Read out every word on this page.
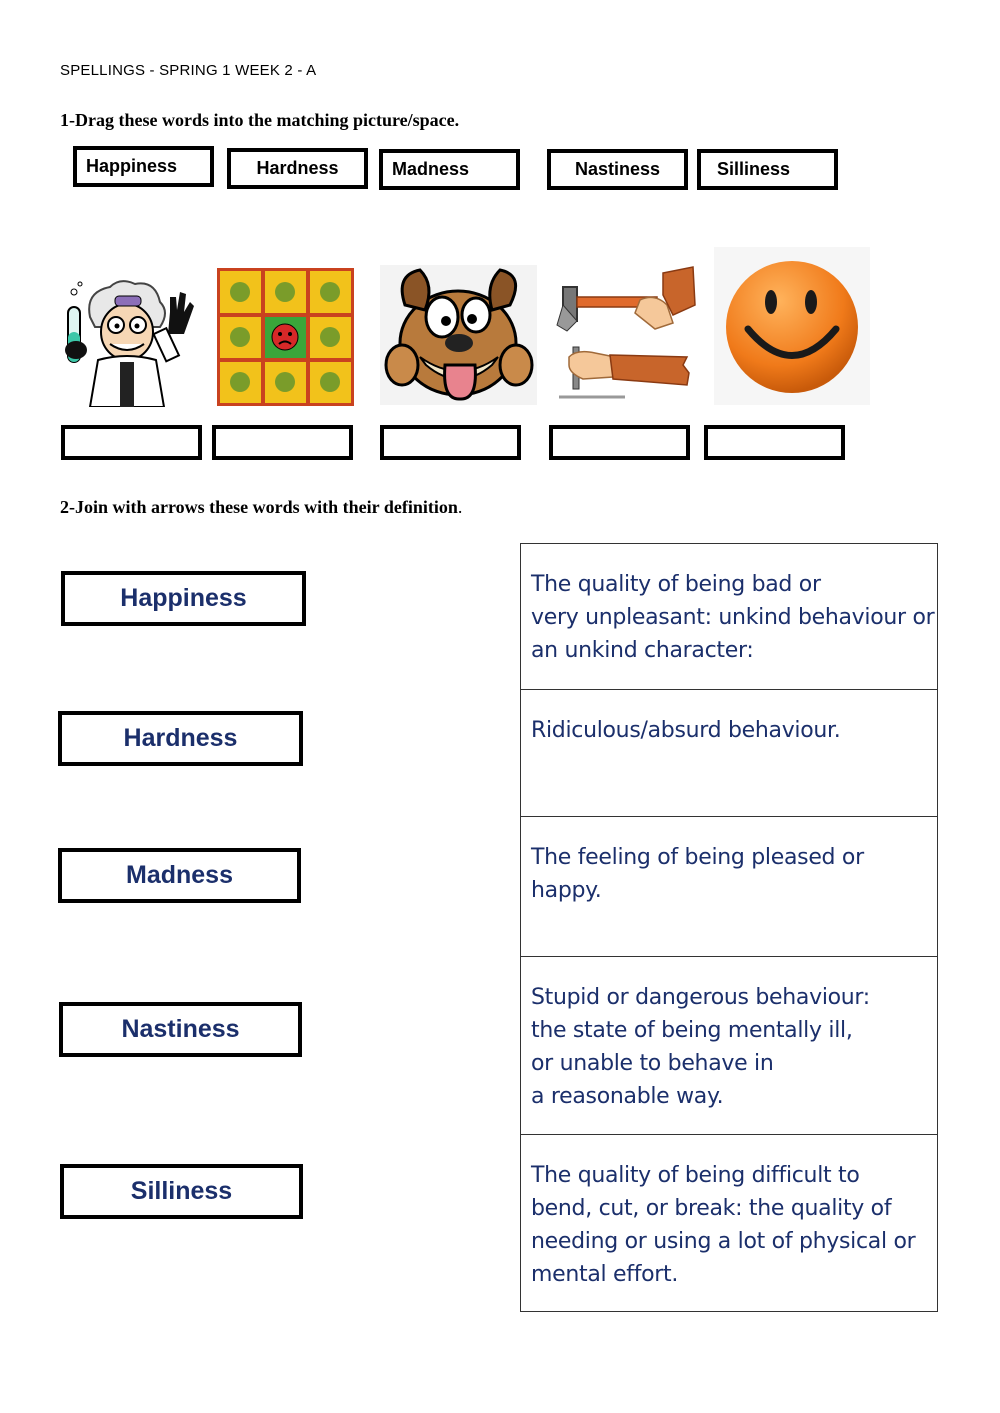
SPELLINGS - SPRING 1 WEEK 2 - A
1-Drag these words into the matching picture/space.
Happiness	Hardness	Madness	Nastiness	Silliness
2-Join with arrows these words with their definition.
Happiness
Hardness
Madness
Nastiness
Silliness
The quality of being bad or
very unpleasant: unkind behaviour or
an unkind character:
Ridiculous/absurd behaviour.
The feeling of being pleased or
happy.
Stupid or dangerous behaviour:
the state of being mentally ill,
or unable to behave in
a reasonable way.
The quality of being difficult to
bend, cut, or break: the quality of
needing or using a lot of physical or
mental effort.
